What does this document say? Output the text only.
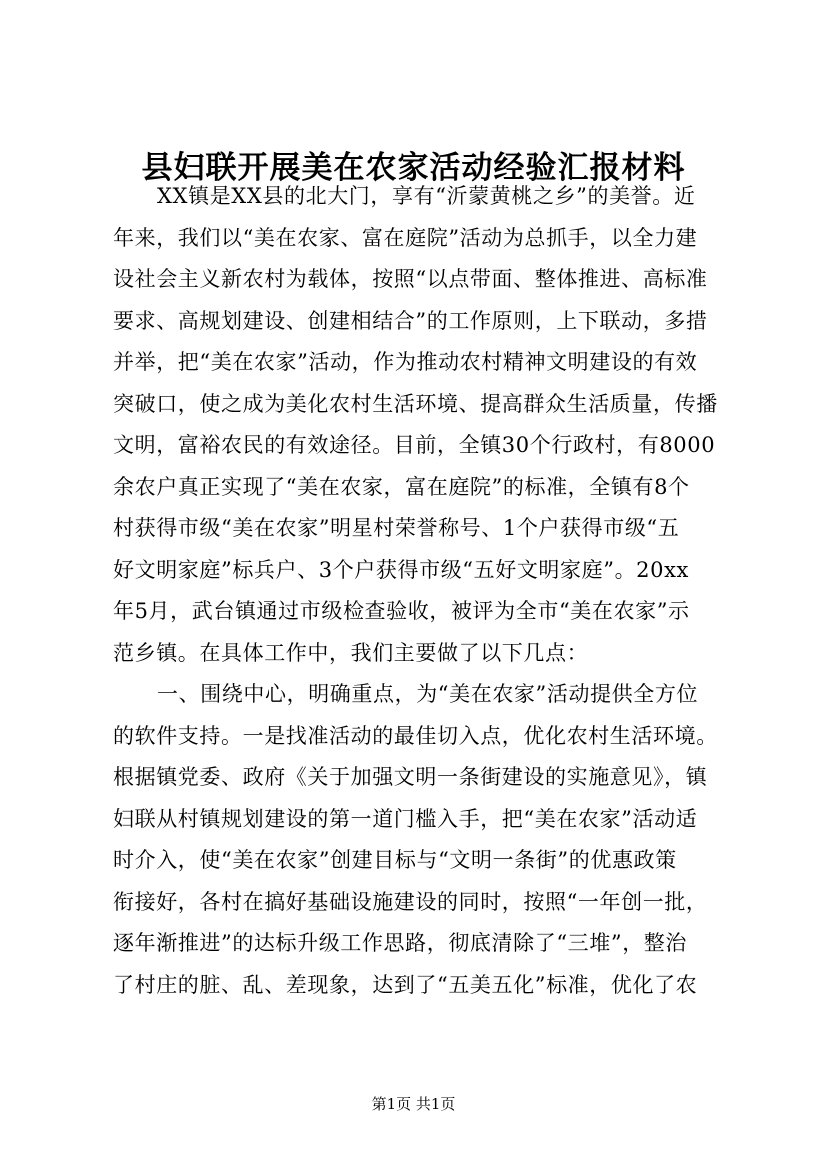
县妇联开展美在农家活动经验汇报材料
XX镇是XX县的北大门，享有“沂蒙黄桃之乡”的美誉。近
年来，我们以“美在农家、富在庭院”活动为总抓手，以全力建
设社会主义新农村为载体，按照“以点带面、整体推进、高标准
要求、高规划建设、创建相结合”的工作原则，上下联动，多措
并举，把“美在农家”活动，作为推动农村精神文明建设的有效
突破口，使之成为美化农村生活环境、提高群众生活质量，传播
文明，富裕农民的有效途径。目前，全镇30个行政村，有8000
余农户真正实现了“美在农家，富在庭院”的标准，全镇有8个
村获得市级“美在农家”明星村荣誉称号、1个户获得市级“五
好文明家庭”标兵户、3个户获得市级“五好文明家庭”。20xx
年5月，武台镇通过市级检查验收，被评为全市“美在农家”示
范乡镇。在具体工作中，我们主要做了以下几点：
一、围绕中心，明确重点，为“美在农家”活动提供全方位
的软件支持。一是找准活动的最佳切入点，优化农村生活环境。
根据镇党委、政府《关于加强文明一条街建设的实施意见》，镇
妇联从村镇规划建设的第一道门槛入手，把“美在农家”活动适
时介入，使“美在农家”创建目标与“文明一条街”的优惠政策
衔接好，各村在搞好基础设施建设的同时，按照“一年创一批，
逐年渐推进”的达标升级工作思路，彻底清除了“三堆”，整治
了村庄的脏、乱、差现象，达到了“五美五化”标准，优化了农
第1页 共1页
